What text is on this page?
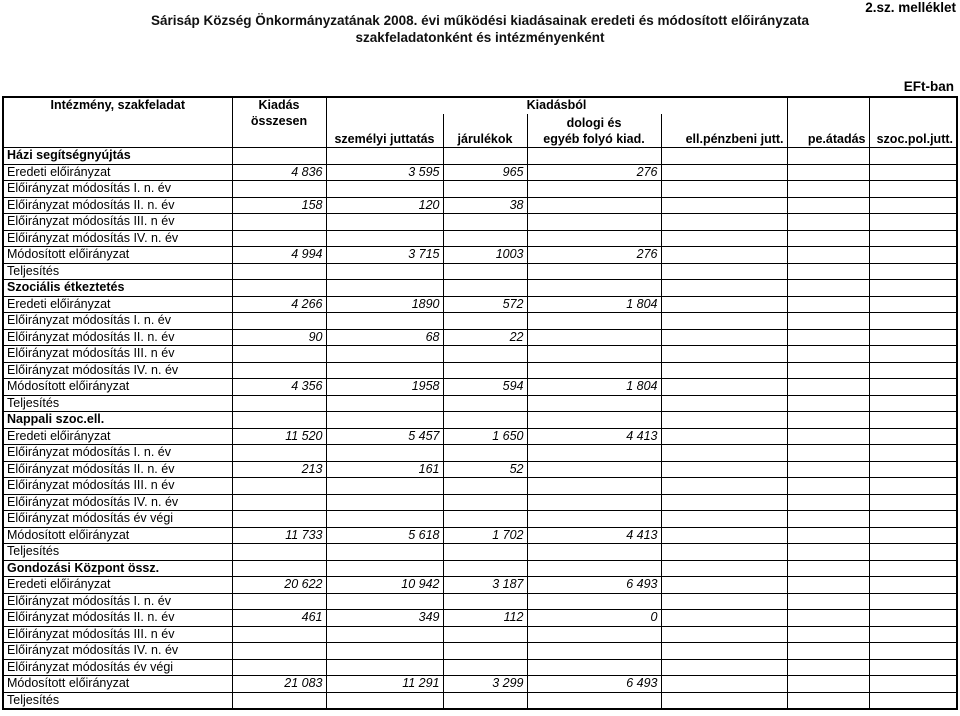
Sárisáp Község Önkormányzatának 2008. évi működési kiadásainak eredeti és módosított előirányzata
szakfeladatonként és intézményenként
2.sz. melléklet
EFt-ban
Intézmény, szakfeladat	Kiadás	Kiadásból					
	összesen			dologi és			
		személyi juttatás	járulékok	egyéb folyó kiad.	ell.pénzbeni jutt.	pe.átadás	szoc.pol.jutt.
Házi segítségnyújtás							
Eredeti előirányzat	4 836	3 595	965	276			
Előirányzat módosítás I. n. év							
Előirányzat módosítás II. n. év	158	120	38				
Előirányzat módosítás III. n év							
Előirányzat módosítás IV. n. év							
Módosított előirányzat	4 994	3 715	1003	276			
Teljesítés							
Szociális étkeztetés							
Eredeti előirányzat	4 266	1890	572	1 804			
Előirányzat módosítás I. n. év							
Előirányzat módosítás II. n. év	90	68	22				
Előirányzat módosítás III. n év							
Előirányzat módosítás IV. n. év							
Módosított előirányzat	4 356	1958	594	1 804			
Teljesítés							
Nappali szoc.ell.							
Eredeti előirányzat	11 520	5 457	1 650	4 413			
Előirányzat módosítás I. n. év							
Előirányzat módosítás II. n. év	213	161	52				
Előirányzat módosítás III. n év							
Előirányzat módosítás IV. n. év							
Előirányzat módosítás év végi							
Módosított előirányzat	11 733	5 618	1 702	4 413			
Teljesítés							
Gondozási Központ össz.							
Eredeti előirányzat	20 622	10 942	3 187	6 493			
Előirányzat módosítás I. n. év							
Előirányzat módosítás II. n. év	461	349	112	0			
Előirányzat módosítás III. n év							
Előirányzat módosítás IV. n. év							
Előirányzat módosítás év végi							
Módosított előirányzat	21 083	11 291	3 299	6 493			
Teljesítés							
